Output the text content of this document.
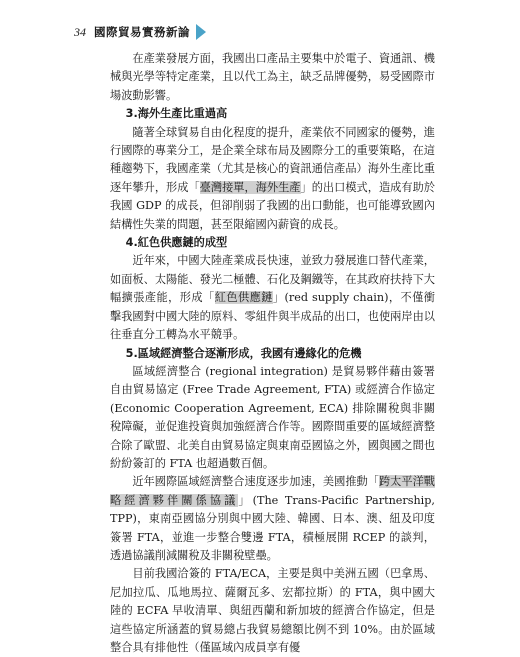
34 國際貿易實務新論

在產業發展方面，我國出口產品主要集中於電子、資通訊、機械與光學等特定產業，且以代工為主，缺乏品牌優勢，易受國際市場波動影響。

3.海外生產比重過高

隨著全球貿易自由化程度的提升，產業依不同國家的優勢，進行國際的專業分工，是企業全球布局及國際分工的重要策略，在這種趨勢下，我國產業（尤其是核心的資訊通信產品）海外生產比重逐年攀升，形成「臺灣接單，海外生產」的出口模式，造成有助於我國 GDP 的成長，但卻削弱了我國的出口動能，也可能導致國內結構性失業的問題，甚至限縮國內薪資的成長。

4.紅色供應鏈的成型

近年來，中國大陸產業成長快速，並致力發展進口替代產業，如面板、太陽能、發光二極體、石化及鋼鐵等，在其政府扶持下大幅擴張產能，形成「紅色供應鏈」(red supply chain)，不僅衝擊我國對中國大陸的原料、零組件與半成品的出口，也使兩岸由以往垂直分工轉為水平競爭。

5.區域經濟整合逐漸形成，我國有邊緣化的危機

區域經濟整合 (regional integration) 是貿易夥伴藉由簽署自由貿易協定 (Free Trade Agreement, FTA) 或經濟合作協定 (Economic Cooperation Agreement, ECA) 排除關稅與非關稅障礙，並促進投資與加強經濟合作等。國際間重要的區域經濟整合除了歐盟、北美自由貿易協定與東南亞國協之外，國與國之間也紛紛簽訂的 FTA 也超過數百個。

近年國際區域經濟整合速度逐步加速，美國推動「跨太平洋戰略經濟夥伴關係協議」(The Trans-Pacific Partnership, TPP)，東南亞國協分別與中國大陸、韓國、日本、澳、紐及印度簽署 FTA，並進一步整合雙邊 FTA，積極展開 RCEP 的談判，透過協議削減關稅及非關稅壁壘。

目前我國洽簽的 FTA/ECA，主要是與中美洲五國（巴拿馬、尼加拉瓜、瓜地馬拉、薩爾瓦多、宏都拉斯）的 FTA，與中國大陸的 ECFA 早收清單、與紐西蘭和新加坡的經濟合作協定，但是這些協定所涵蓋的貿易總占我貿易總額比例不到 10%。由於區域整合具有排他性（僅區域內成員享有優
